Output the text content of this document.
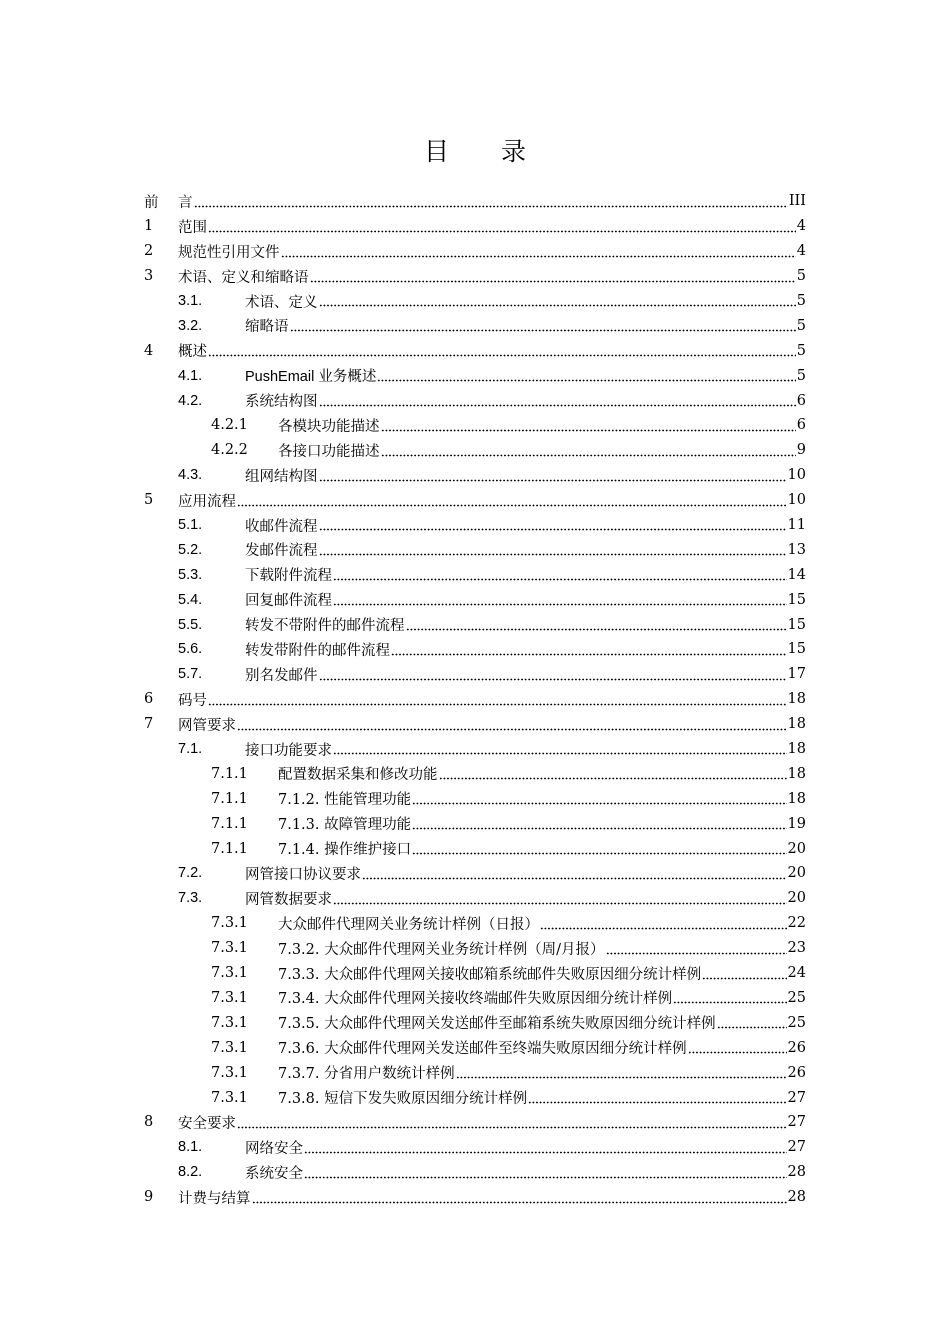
目 录
前 言	III
1	范围	4
2	规范性引用文件	4
3	术语、定义和缩略语	5
3.1.	术语、定义	5
3.2.	缩略语	5
4	概述	5
4.1.	PushEmail 业务概述	5
4.2.	系统结构图	6
4.2.1	各模块功能描述	6
4.2.2	各接口功能描述	9
4.3.	组网结构图	10
5	应用流程	10
5.1.	收邮件流程	11
5.2.	发邮件流程	13
5.3.	下载附件流程	14
5.4.	回复邮件流程	15
5.5.	转发不带附件的邮件流程	15
5.6.	转发带附件的邮件流程	15
5.7.	别名发邮件	17
6	码号	18
7	网管要求	18
7.1.	接口功能要求	18
7.1.1	配置数据采集和修改功能	18
7.1.1	7.1.2. 性能管理功能	18
7.1.1	7.1.3. 故障管理功能	19
7.1.1	7.1.4. 操作维护接口	20
7.2.	网管接口协议要求	20
7.3.	网管数据要求	20
7.3.1	大众邮件代理网关业务统计样例（日报）	22
7.3.1	7.3.2. 大众邮件代理网关业务统计样例（周/月报）	23
7.3.1	7.3.3. 大众邮件代理网关接收邮箱系统邮件失败原因细分统计样例	24
7.3.1	7.3.4. 大众邮件代理网关接收终端邮件失败原因细分统计样例	25
7.3.1	7.3.5. 大众邮件代理网关发送邮件至邮箱系统失败原因细分统计样例	25
7.3.1	7.3.6. 大众邮件代理网关发送邮件至终端失败原因细分统计样例	26
7.3.1	7.3.7. 分省用户数统计样例	26
7.3.1	7.3.8. 短信下发失败原因细分统计样例	27
8	安全要求	27
8.1.	网络安全	27
8.2.	系统安全	28
9	计费与结算	28
